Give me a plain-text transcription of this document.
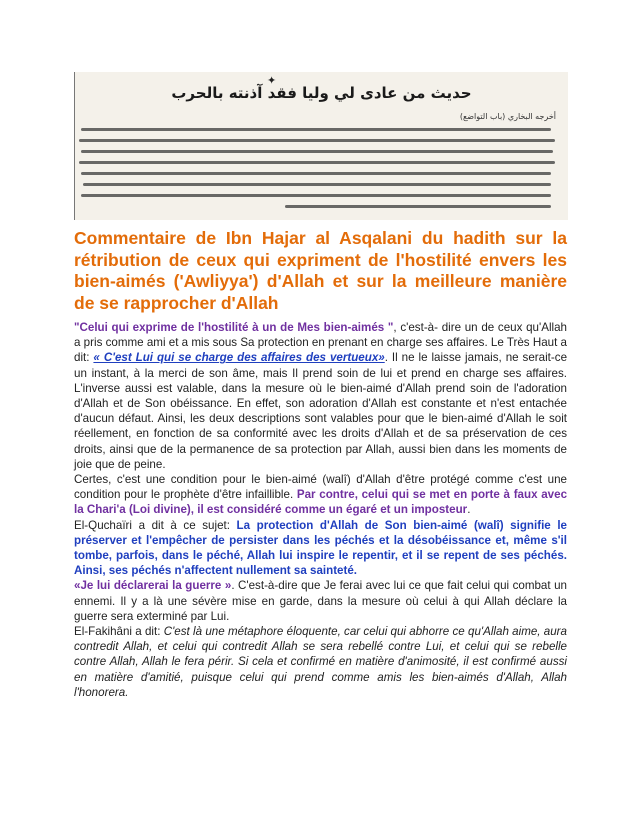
✦
حديث من عادى لي وليا فقد آذنته بالحرب
أخرجه البخاري (باب التواضع)
Commentaire de Ibn Hajar al Asqalani du hadith sur la rétribution de ceux qui expriment de l'hostilité envers les bien-aimés ('Awliyya') d'Allah et sur la meilleure manière de se rapprocher d'Allah

"Celui qui exprime de l'hostilité à un de Mes bien-aimés ", c'est-à- dire un de ceux qu'Allah a pris comme ami et a mis sous Sa protection en prenant en charge ses affaires. Le Très Haut a dit: « C'est Lui qui se charge des affaires des vertueux». Il ne le laisse jamais, ne serait-ce un instant, à la merci de son âme, mais Il prend soin de lui et prend en charge ses affaires. L'inverse aussi est valable, dans la mesure où le bien-aimé d'Allah prend soin de l'adoration d'Allah et de Son obéissance. En effet, son adoration d'Allah est constante et n'est entachée d'aucun défaut. Ainsi, les deux descriptions sont valables pour que le bien-aimé d'Allah le soit réellement, en fonction de sa conformité avec les droits d'Allah et de sa préservation de ces droits, ainsi que de la permanence de sa protection par Allah, aussi bien dans les moments de joie que de peine.

Certes, c'est une condition pour le bien-aimé (walî) d'Allah d'être protégé comme c'est une condition pour le prophète d'être infaillible. Par contre, celui qui se met en porte à faux avec la Chari'a (Loi divine), il est considéré comme un égaré et un imposteur.

El-Quchaïri a dit à ce sujet: La protection d'Allah de Son bien-aimé (walî) signifie le préserver et l'empêcher de persister dans les péchés et la désobéissance et, même s'il tombe, parfois, dans le péché, Allah lui inspire le repentir, et il se repent de ses péchés. Ainsi, ses péchés n'affectent nullement sa sainteté.

«Je lui déclarerai la guerre ». C'est-à-dire que Je ferai avec lui ce que fait celui qui combat un ennemi. Il y a là une sévère mise en garde, dans la mesure où celui à qui Allah déclare la guerre sera exterminé par Lui.

El-Fakihâni a dit: C'est là une métaphore éloquente, car celui qui abhorre ce qu'Allah aime, aura contredit Allah, et celui qui contredit Allah se sera rebellé contre Lui, et celui qui se rebelle contre Allah, Allah le fera périr. Si cela et confirmé en matière d'animosité, il est confirmé aussi en matière d'amitié, puisque celui qui prend comme amis les bien-aimés d'Allah, Allah l'honorera.
